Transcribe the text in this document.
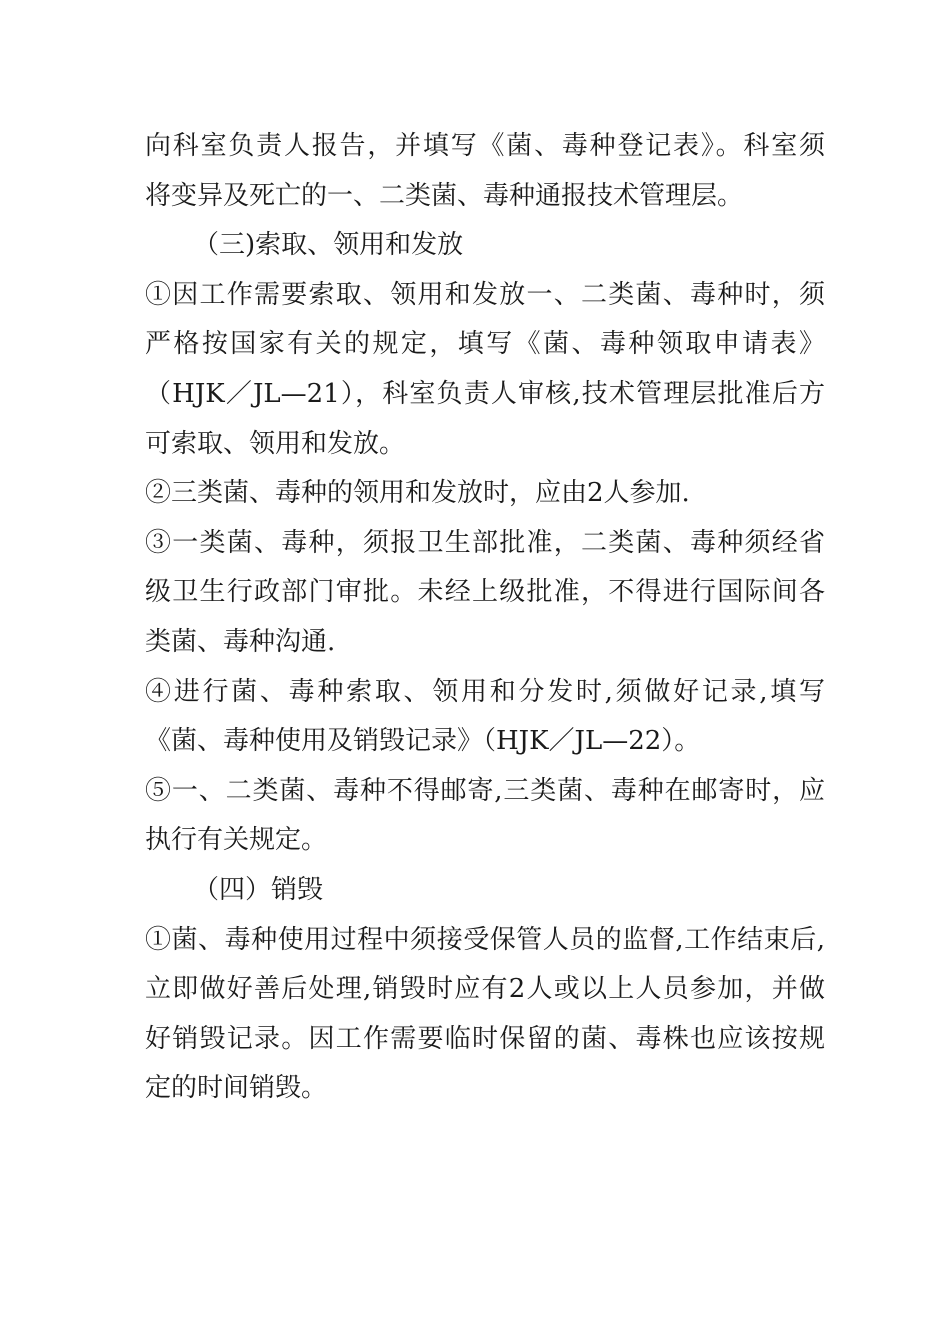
向科室负责人报告，并填写《菌、毒种登记表》。科室须
将变异及死亡的一、二类菌、毒种通报技术管理层。
（三)索取、领用和发放
①因工作需要索取、领用和发放一、二类菌、毒种时，须
严格按国家有关的规定，填写《菌、毒种领取申请表》
（HJK／JL—21），科室负责人审核,技术管理层批准后方
可索取、领用和发放。
②三类菌、毒种的领用和发放时，应由2人参加.
③一类菌、毒种，须报卫生部批准，二类菌、毒种须经省
级卫生行政部门审批。未经上级批准，不得进行国际间各
类菌、毒种沟通.
④进行菌、毒种索取、领用和分发时,须做好记录,填写
《菌、毒种使用及销毁记录》（HJK／JL—22）。
⑤一、二类菌、毒种不得邮寄,三类菌、毒种在邮寄时，应
执行有关规定。
（四）销毁
①菌、毒种使用过程中须接受保管人员的监督,工作结束后,
立即做好善后处理,销毁时应有2人或以上人员参加，并做
好销毁记录。因工作需要临时保留的菌、毒株也应该按规
定的时间销毁。
